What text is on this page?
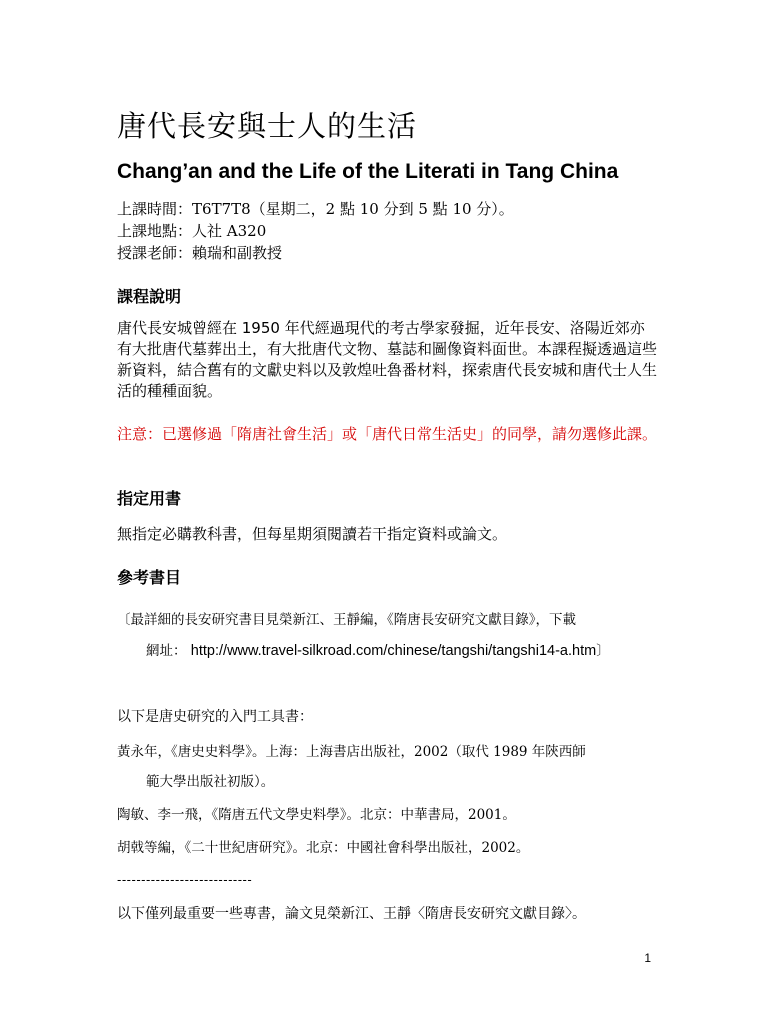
唐代長安與士人的生活
Chang’an and the Life of the Literati in Tang China
上課時間：T6T7T8（星期二，2 點 10 分到 5 點 10 分）。
上課地點：人社 A320
授課老師：賴瑞和副教授
課程說明
唐代長安城曾經在 1950 年代經過現代的考古學家發掘，近年長安、洛陽近郊亦有大批唐代墓葬出土，有大批唐代文物、墓誌和圖像資料面世。本課程擬透過這些新資料，結合舊有的文獻史料以及敦煌吐魯番材料，探索唐代長安城和唐代士人生活的種種面貌。
注意：已選修過「隋唐社會生活」或「唐代日常生活史」的同學，請勿選修此課。
指定用書
無指定必購教科書，但每星期須閱讀若干指定資料或論文。
參考書目
〔最詳細的長安研究書目見榮新江、王靜編，《隋唐長安研究文獻目錄》，下載
網址： http://www.travel-silkroad.com/chinese/tangshi/tangshi14-a.htm〕
以下是唐史研究的入門工具書：
黃永年，《唐史史料學》。上海：上海書店出版社，2002（取代 1989 年陝西師
範大學出版社初版）。
陶敏、李一飛，《隋唐五代文學史料學》。北京：中華書局，2001。
胡戟等編，《二十世紀唐研究》。北京：中國社會科學出版社，2002。
----------------------------
以下僅列最重要一些專書，論文見榮新江、王靜〈隋唐長安研究文獻目錄〉。
1
